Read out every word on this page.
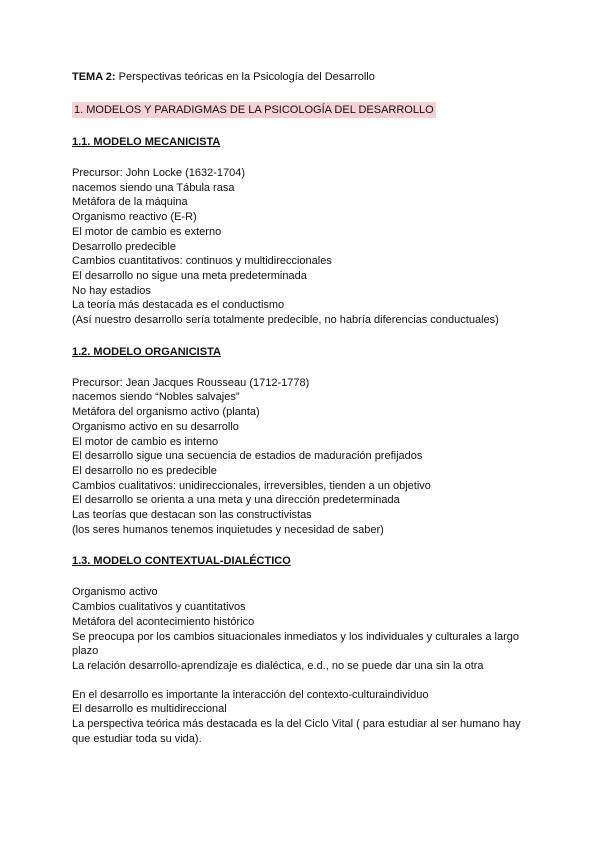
TEMA 2: Perspectivas teóricas en la Psicología del Desarrollo

1. MODELOS Y PARADIGMAS DE LA PSICOLOGÍA DEL DESARROLLO

1.1. MODELO MECANICISTA

Precursor: John Locke (1632-1704)

nacemos siendo una Tábula rasa

Metáfora de la máquina

Organismo reactivo (E-R)

El motor de cambio es externo

Desarrollo predecible

Cambios cuantitativos: continuos y multidireccionales

El desarrollo no sigue una meta predeterminada

No hay estadios

La teoría más destacada es el conductismo

(Así nuestro desarrollo sería totalmente predecible, no habría diferencias conductuales)

1.2. MODELO ORGANICISTA

Precursor: Jean Jacques Rousseau (1712-1778)

nacemos siendo “Nobles salvajes”

Metáfora del organismo activo (planta)

Organismo activo en su desarrollo

El motor de cambio es interno

El desarrollo sigue una secuencia de estadios de maduración prefijados

El desarrollo no es predecible

Cambios cualitativos: unidireccionales, irreversibles, tienden a un objetivo

El desarrollo se orienta a una meta y una dirección predeterminada

Las teorías que destacan son las constructivistas

(los seres humanos tenemos inquietudes y necesidad de saber)

1.3. MODELO CONTEXTUAL-DIALÉCTICO

Organismo activo

Cambios cualitativos y cuantitativos

Metáfora del acontecimiento histórico

Se preocupa por los cambios situacionales inmediatos y los individuales y culturales a largo plazo

La relación desarrollo-aprendizaje es dialéctica, e.d., no se puede dar una sin la otra

En el desarrollo es importante la interacción del contexto-culturaindividuo

El desarrollo es multidireccional

La perspectiva teórica más destacada es la del Ciclo Vital ( para estudiar al ser humano hay que estudiar toda su vida).
